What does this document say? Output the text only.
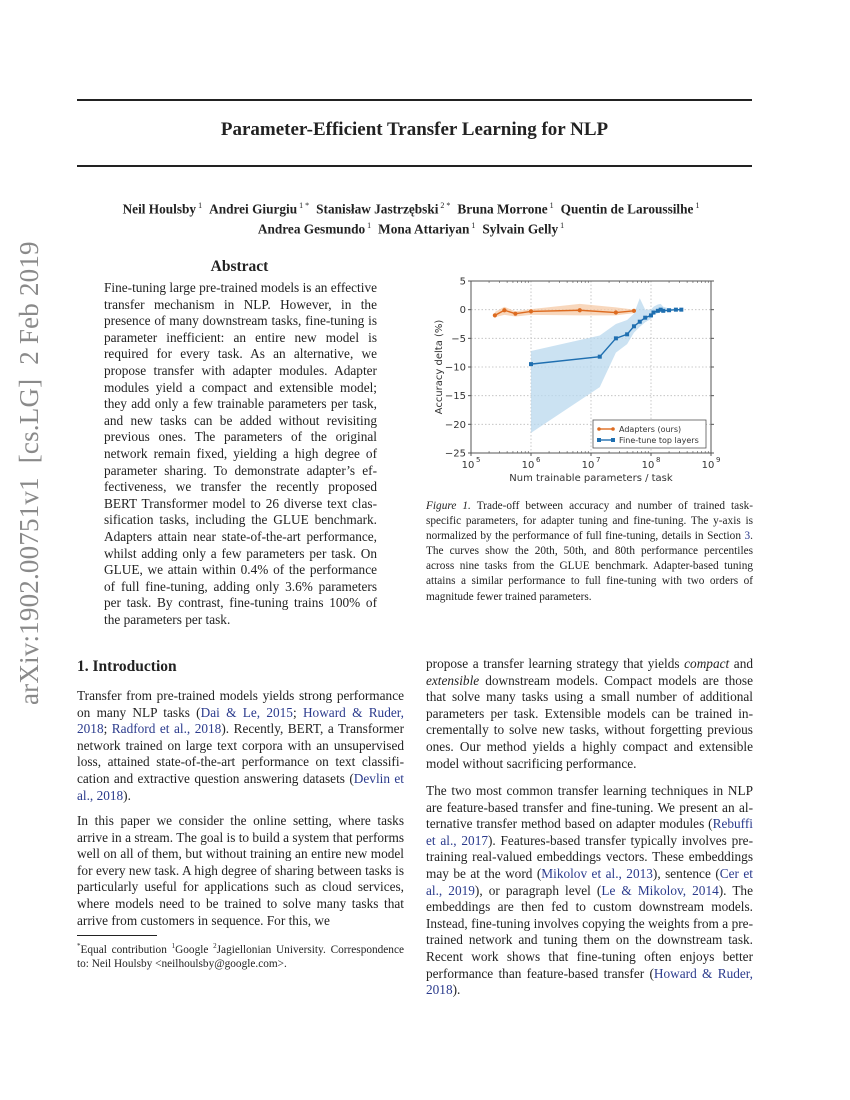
Parameter-Efficient Transfer Learning for NLP
Neil Houlsby $^1$ Andrei Giurgiu $^{1 *}$ Stanisław Jastrzębski $^{2 *}$ Bruna Morrone $^1$ Quentin de Laroussilhe $^1$
Andrea Gesmundo $^1$ Mona Attariyan $^1$ Sylvain Gelly $^1$
arXiv:1902.00751v1  [cs.LG]  2 Feb 2019	Abstract
Fine-tuning large pre-trained models is an effective transfer mechanism in NLP. However, in the presence of many downstream tasks, fine-tuning is parameter inefficient: an entire new model is required for every task. As an alternative, we propose transfer with adapter modules. Adapter modules yield a compact and extensible model; they add only a few trainable parameters per task, and new tasks can be added without revisiting previous ones. The parameters of the original network remain fixed, yielding a high degree of parameter sharing. To demonstrate adapter’s effectiveness, we transfer the recently proposed BERT Transformer model to 26 diverse text classification tasks, including the GLUE benchmark. Adapters attain near state-of-the-art performance, whilst adding only a few parameters per task. On GLUE, we attain within 0.4% of the performance of full fine-tuning, adding only 3.6% parameters per task. By contrast, fine-tuning trains 100% of the parameters per task.
5
0
−5
−10
−15
−20
−25
10 5	10 6	10 7	10 8	10 9
Num trainable parameters / task
Accuracy delta (%)
Adapters (ours)
Fine-tune top layers
Figure 1. Trade-off between accuracy and number of trained task-specific parameters, for adapter tuning and fine-tuning. The y-axis is normalized by the performance of full fine-tuning, details in Section 3. The curves show the 20th, 50th, and 80th performance percentiles across nine tasks from the GLUE benchmark. Adapter-based tuning attains a similar performance to full fine-tuning with two orders of magnitude fewer trained parameters.
1. Introduction
Transfer from pre-trained models yields strong performance on many NLP tasks (Dai & Le, 2015; Howard & Ruder, 2018; Radford et al., 2018). Recently, BERT, a Transformer network trained on large text corpora with an unsupervised loss, attained state-of-the-art performance on text classification and extractive question answering datasets (Devlin et al., 2018).
In this paper we consider the online setting, where tasks arrive in a stream. The goal is to build a system that performs well on all of them, but without training an entire new model for every new task. A high degree of sharing between tasks is particularly useful for applications such as cloud services, where models need to be trained to solve many tasks that arrive from customers in sequence. For this, we
*Equal contribution $^1$Google $^2$Jagiellonian University. Correspondence to: Neil Houlsby <neilhoulsby@google.com>.
propose a transfer learning strategy that yields compact and extensible downstream models. Compact models are those that solve many tasks using a small number of additional parameters per task. Extensible models can be trained incrementally to solve new tasks, without forgetting previous ones. Our method yields a highly compact and extensible model without sacrificing performance.
The two most common transfer learning techniques in NLP are feature-based transfer and fine-tuning. We present an alternative transfer method based on adapter modules (Rebuffi et al., 2017). Features-based transfer typically involves pre-training real-valued embeddings vectors. These embeddings may be at the word (Mikolov et al., 2013), sentence (Cer et al., 2019), or paragraph level (Le & Mikolov, 2014). The embeddings are then fed to custom downstream models. Instead, fine-tuning involves copying the weights from a pre-trained network and tuning them on the downstream task. Recent work shows that fine-tuning often enjoys better performance than feature-based transfer (Howard & Ruder, 2018).
